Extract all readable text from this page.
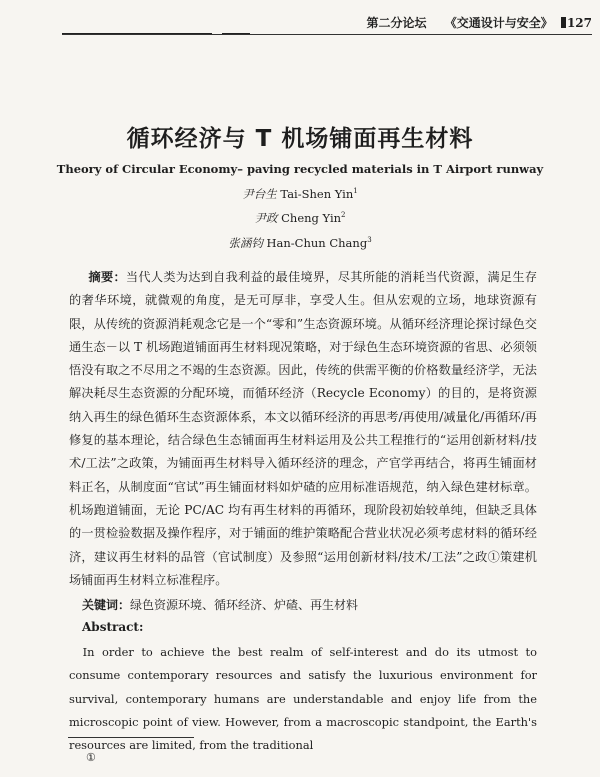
第二分论坛 《交通设计与安全》 127
循环经济与 T 机场铺面再生材料
Theory of Circular Economy– paving recycled materials in T Airport runway
尹台生 Tai-Shen Yin$^1$
尹政 Cheng Yin$^2$
张涵钧 Han-Chun Chang$^3$
摘要：当代人类为达到自我利益的最佳境界，尽其所能的消耗当代资源，满足生存的奢华环境，就微观的角度，是无可厚非，享受人生。但从宏观的立场，地球资源有限，从传统的资源消耗观念它是一个“零和”生态资源环境。从循环经济理论探讨绿色交通生态－以 T 机场跑道铺面再生材料现况策略，对于绿色生态环境资源的省思、必须领悟没有取之不尽用之不竭的生态资源。因此，传统的供需平衡的价格数量经济学，无法解决耗尽生态资源的分配环境，而循环经济（Recycle Economy）的目的，是将资源纳入再生的绿色循环生态资源体系，本文以循环经济的再思考/再使用/减量化/再循环/再修复的基本理论，结合绿色生态铺面再生材料运用及公共工程推行的“运用创新材料/技术/工法”之政策，为铺面再生材料导入循环经济的理念，产官学再结合，将再生铺面材料正名，从制度面“官试”再生铺面材料如炉碴的应用标准语规范，纳入绿色建材标章。机场跑道铺面，无论 PC/AC 均有再生材料的再循环，现阶段初始较单纯，但缺乏具体的一贯检验数据及操作程序，对于铺面的维护策略配合营业状况必须考虑材料的循环经济，建议再生材料的品管（官试制度）及参照“运用创新材料/技术/工法”之政①策建机场铺面再生材料立标准程序。
关键词：绿色资源环境、循环经济、炉碴、再生材料
Abstract:
In order to achieve the best realm of self-interest and do its utmost to consume contemporary resources and satisfy the luxurious environment for survival, contemporary humans are understandable and enjoy life from the microscopic point of view. However, from a macroscopic standpoint, the Earth's resources are limited, from the traditional
①
